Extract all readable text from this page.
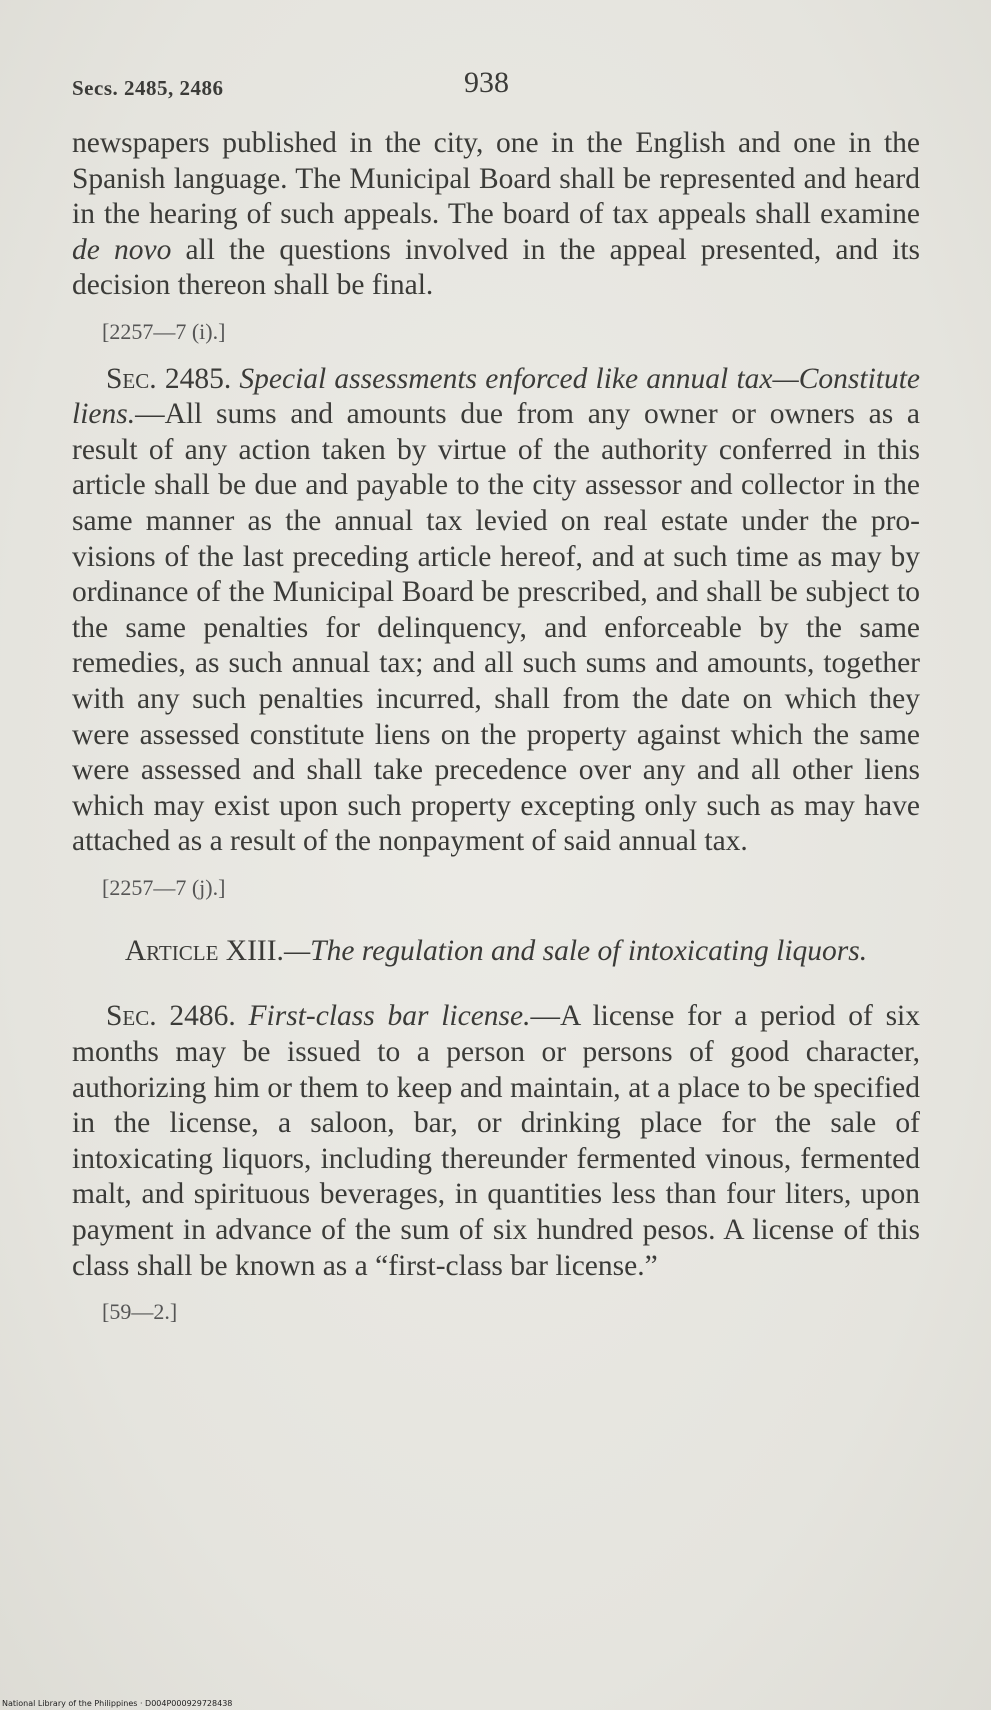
Secs. 2485, 2486	938

newspapers published in the city, one in the English and one in the Spanish language. The Municipal Board shall be represented and heard in the hearing of such appeals. The board of tax appeals shall examine de novo all the questions involved in the appeal presented, and its decision thereon shall be final.

[2257—7 (i).]

Sec. 2485. Special assessments enforced like annual tax—Constitute liens.—All sums and amounts due from any owner or owners as a result of any action taken by virtue of the authority conferred in this article shall be due and payable to the city assessor and collector in the same manner as the annual tax levied on real estate under the provisions of the last preceding article hereof, and at such time as may by ordinance of the Municipal Board be prescribed, and shall be subject to the same penalties for delinquency, and enforceable by the same remedies, as such annual tax; and all such sums and amounts, together with any such penalties incurred, shall from the date on which they were assessed constitute liens on the property against which the same were assessed and shall take precedence over any and all other liens which may exist upon such property excepting only such as may have attached as a result of the nonpayment of said annual tax.

[2257—7 (j).]

Article XIII.—The regulation and sale of intoxicating liquors.

Sec. 2486. First-class bar license.—A license for a period of six months may be issued to a person or persons of good character, authorizing him or them to keep and maintain, at a place to be specified in the license, a saloon, bar, or drinking place for the sale of intoxicating liquors, including thereunder fermented vinous, fermented malt, and spirituous beverages, in quantities less than four liters, upon payment in advance of the sum of six hundred pesos. A license of this class shall be known as a “first-class bar license.”

[59—2.]

National Library of the Philippines · D004P000929728438
